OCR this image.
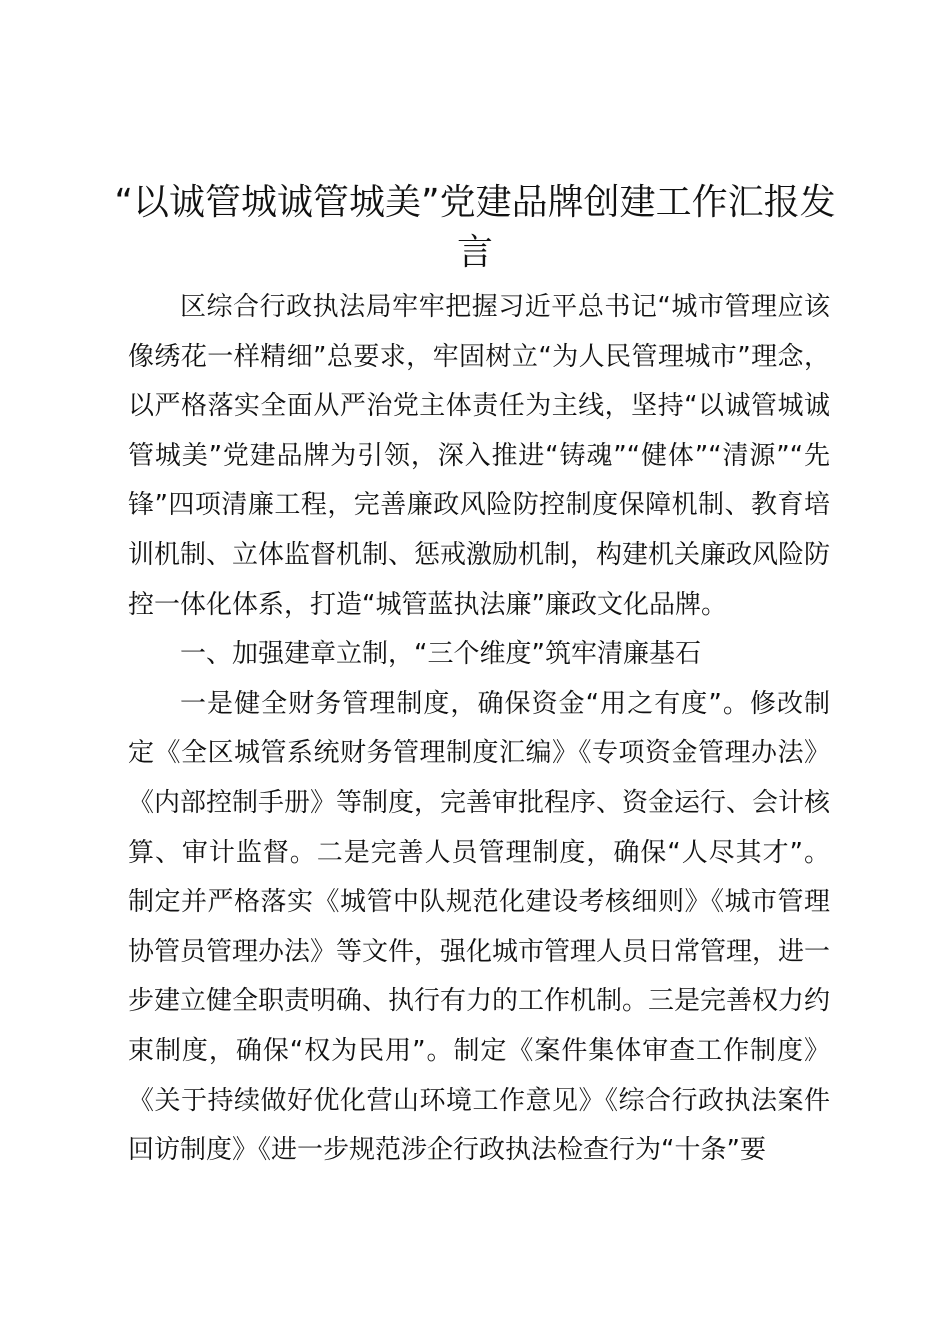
“以诚管城诚管城美”党建品牌创建工作汇报发言

区综合行政执法局牢牢把握习近平总书记“城市管理应该像绣花一样精细”总要求，牢固树立“为人民管理城市”理念，以严格落实全面从严治党主体责任为主线，坚持“以诚管城诚管城美”党建品牌为引领，深入推进“铸魂”“健体”“清源”“先锋”四项清廉工程，完善廉政风险防控制度保障机制、教育培训机制、立体监督机制、惩戒激励机制，构建机关廉政风险防控一体化体系，打造“城管蓝执法廉”廉政文化品牌。

一、加强建章立制，“三个维度”筑牢清廉基石

一是健全财务管理制度，确保资金“用之有度”。修改制定《全区城管系统财务管理制度汇编》《专项资金管理办法》《内部控制手册》等制度，完善审批程序、资金运行、会计核算、审计监督。二是完善人员管理制度，确保“人尽其才”。制定并严格落实《城管中队规范化建设考核细则》《城市管理协管员管理办法》等文件，强化城市管理人员日常管理，进一步建立健全职责明确、执行有力的工作机制。三是完善权力约束制度，确保“权为民用”。制定《案件集体审查工作制度》《关于持续做好优化营山环境工作意见》《综合行政执法案件回访制度》《进一步规范涉企行政执法检查行为“十条”要
